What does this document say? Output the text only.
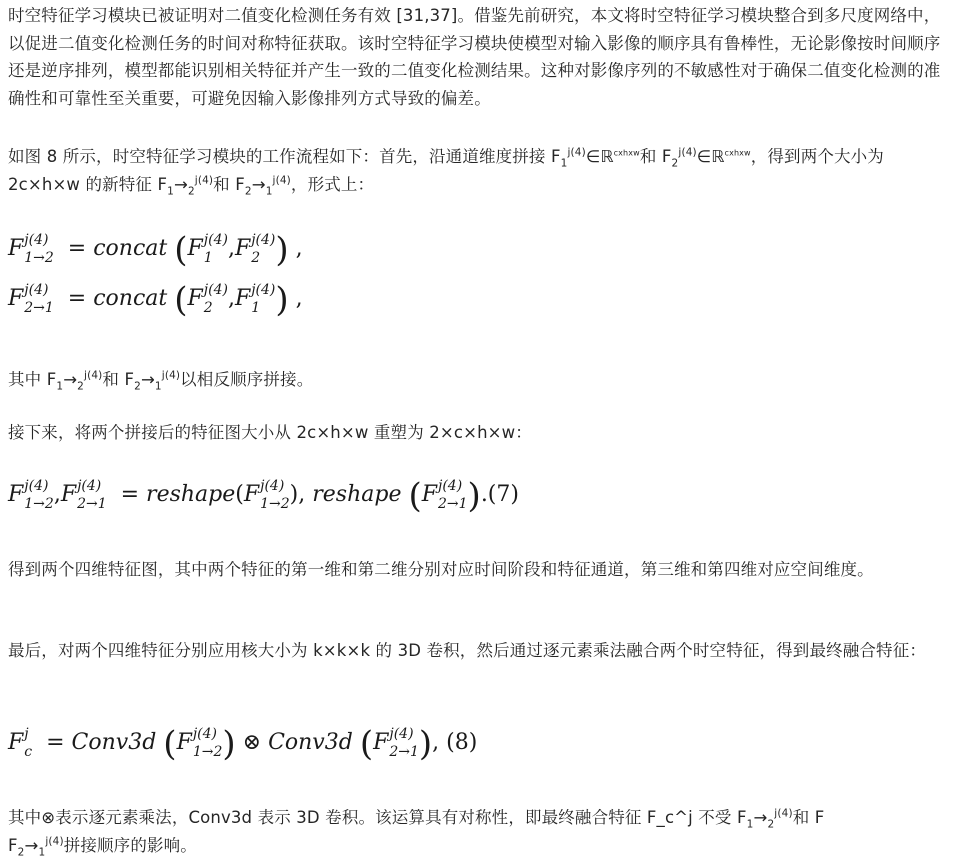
时空特征学习模块已被证明对二值变化检测任务有效 [31,37]。借鉴先前研究，本文将时空特征学习模块整合到多尺度网络中，以促进二值变化检测任务的时间对称特征获取。该时空特征学习模块使模型对输入影像的顺序具有鲁棒性，无论影像按时间顺序还是逆序排列，模型都能识别相关特征并产生一致的二值变化检测结果。这种对影像序列的不敏感性对于确保二值变化检测的准确性和可靠性至关重要，可避免因输入影像排列方式导致的偏差。

如图 8 所示，时空特征学习模块的工作流程如下：首先，沿通道维度拼接 $F_1^{j(4)}\in ℝ^{cxhxw}$和 $F_2^{j(4)}\in ℝ^{cxhxw}$，得到两个大小为 2c×h×w 的新特征 $F_1\to_2^{j(4)}$和 $F_2\to_1^{j(4)}$，形式上：

F j(4)
1→2 = concat (F j(4)
1 ,F j(4)
2 ) ,
F j(4)
2→1 = concat (F j(4)
2 ,F j(4)
1 ) ,

其中 $F_1\to_2^{j(4)}$和 $F_2\to_1^{j(4)}$以相反顺序拼接。

接下来，将两个拼接后的特征图大小从 2c×h×w 重塑为 2×c×h×w：

F j(4)
1→2 ,F j(4)
2→1 = reshape(F j(4)
1→2 ), reshape (F j(4)
2→1 ).(7)

得到两个四维特征图，其中两个特征的第一维和第二维分别对应时间阶段和特征通道，第三维和第四维对应空间维度。

最后，对两个四维特征分别应用核大小为 k×k×k 的 3D 卷积，然后通过逐元素乘法融合两个时空特征，得到最终融合特征：

F j
c = Conv3d (F j(4)
1→2 ) ⊗ Conv3d (F j(4)
2→1 ), (8)

其中⊗表示逐元素乘法，Conv3d 表示 3D 卷积。该运算具有对称性，即最终融合特征 F_c^j 不受 $F_1\to_2^{j(4)}$和 F
$F_2\to_1^{j(4)}$拼接顺序的影响。
